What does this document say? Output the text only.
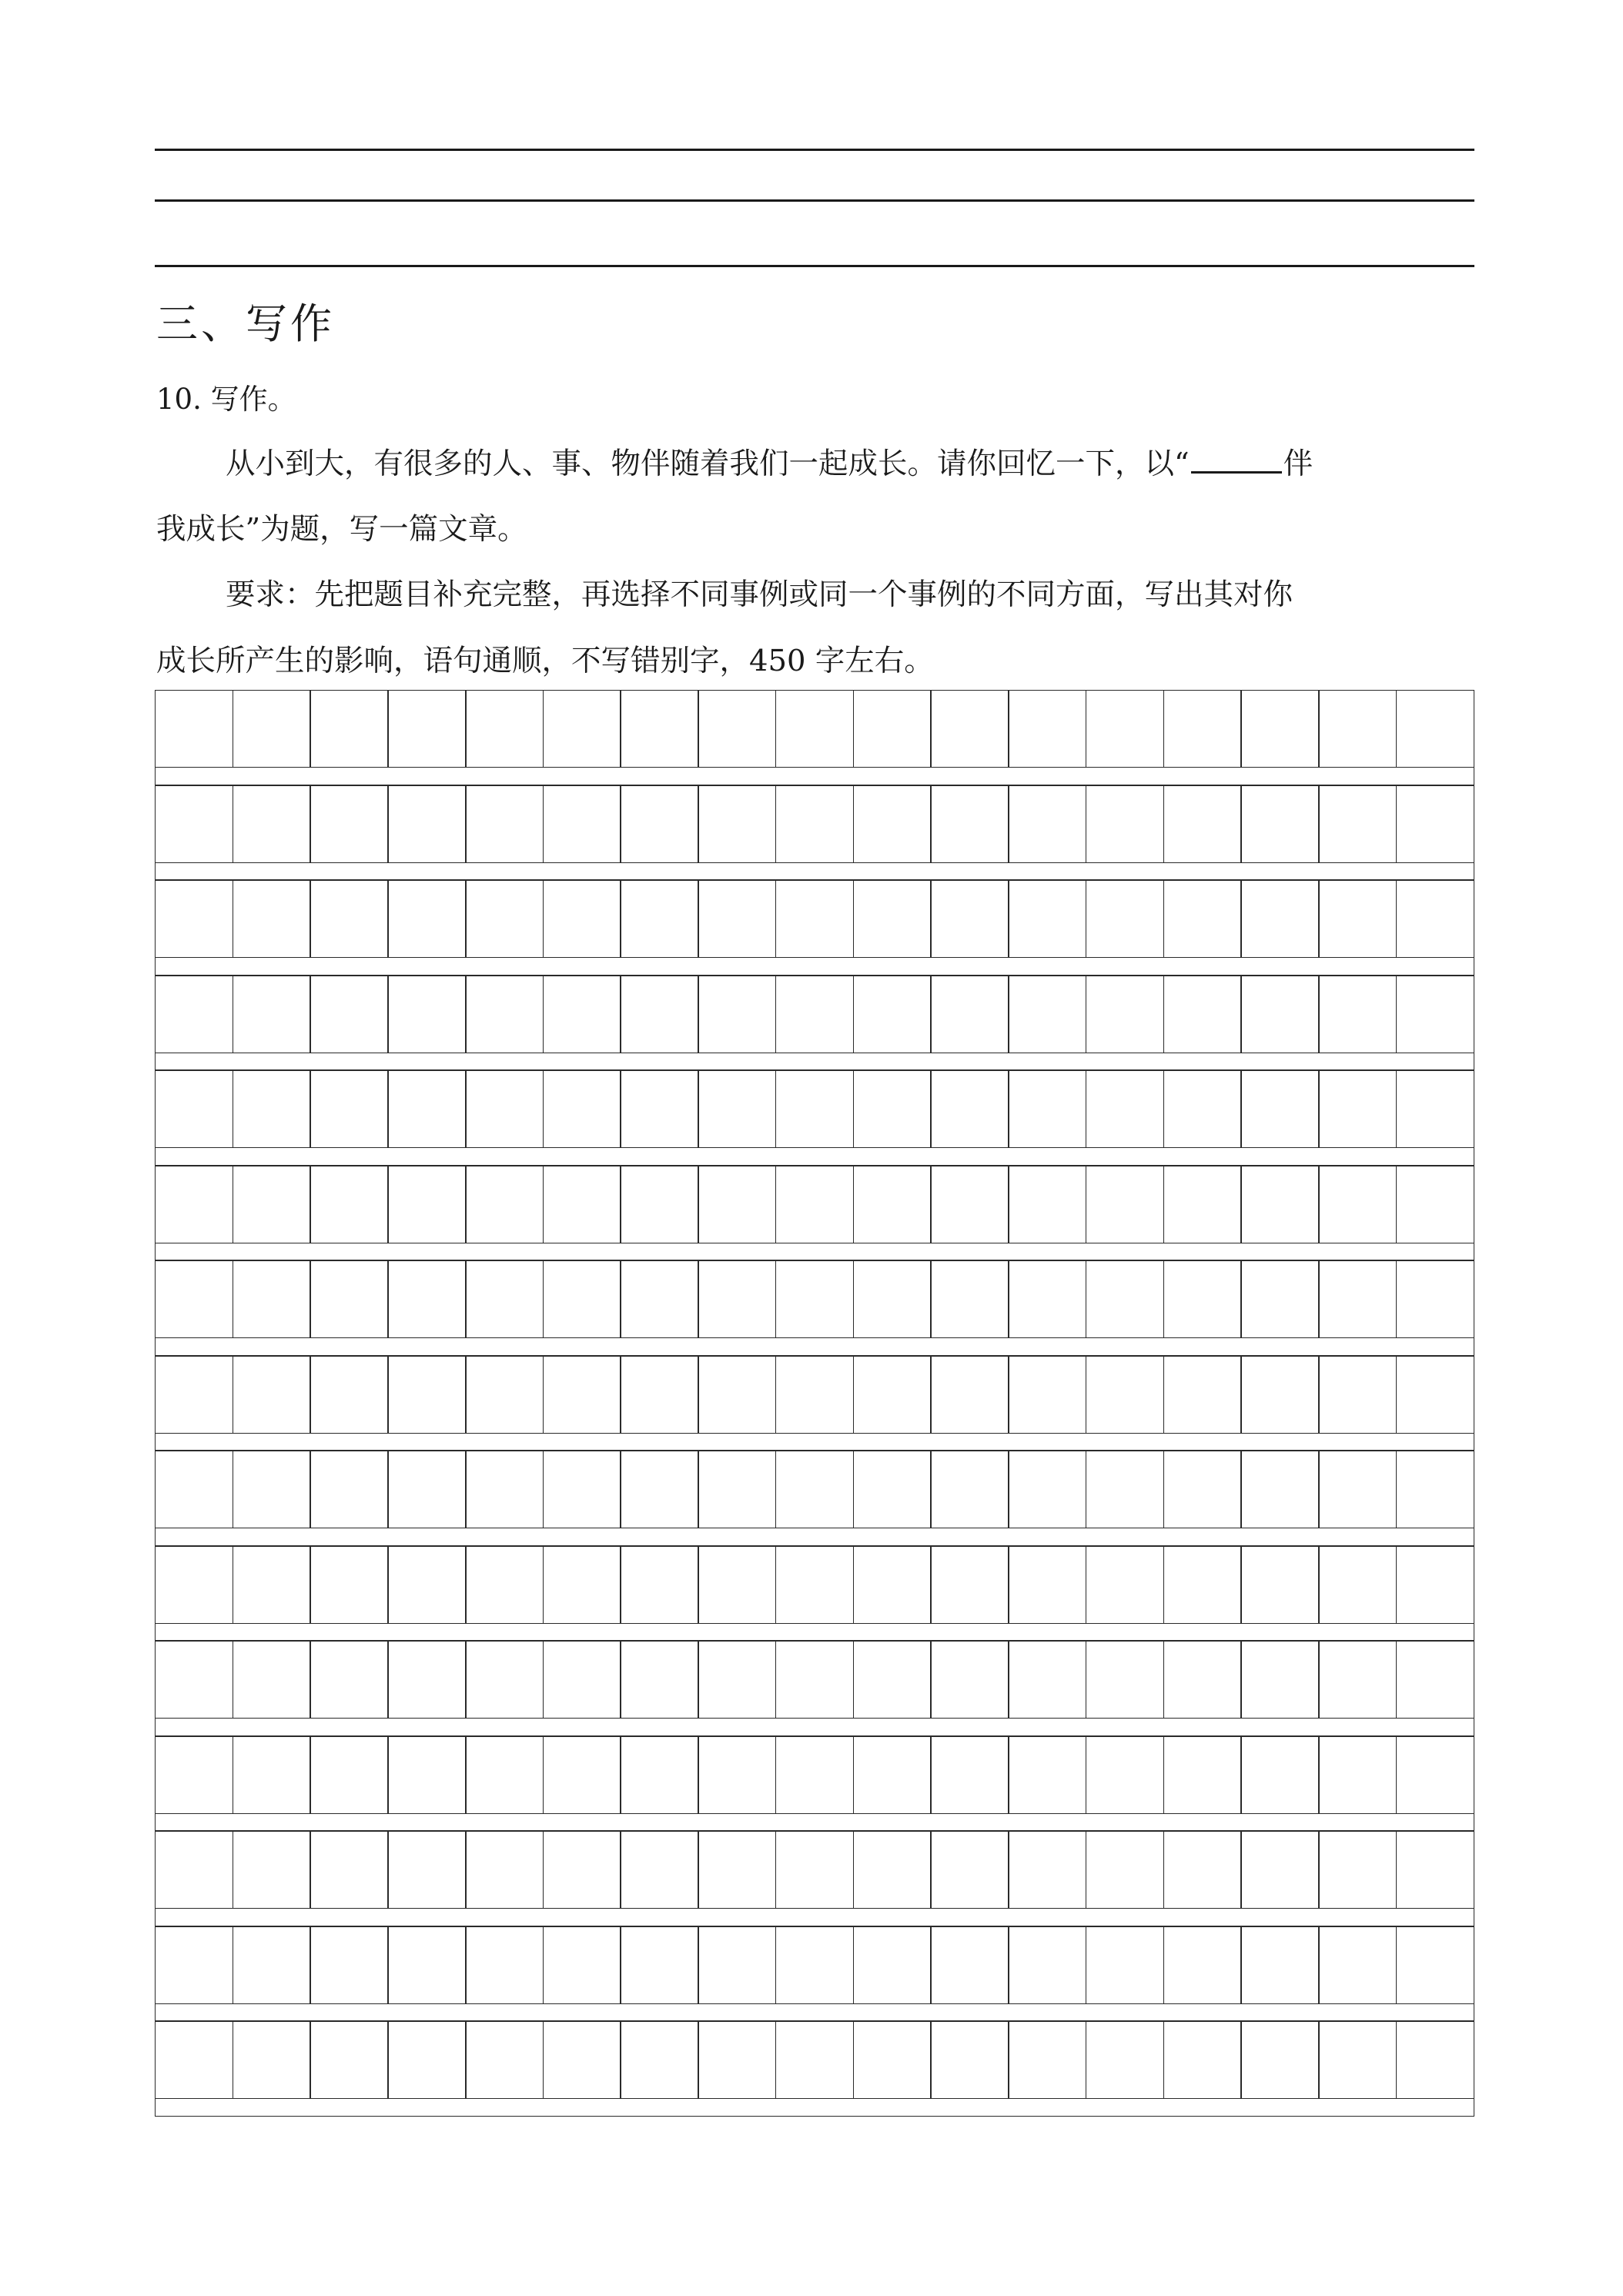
三、写作
10. 写作。
从小到大，有很多的人、事、物伴随着我们一起成长。请你回忆一下，以“	伴
我成长”为题，写一篇文章。
要求：先把题目补充完整，再选择不同事例或同一个事例的不同方面，写出其对你
成长所产生的影响，语句通顺，不写错别字，450 字左右。
